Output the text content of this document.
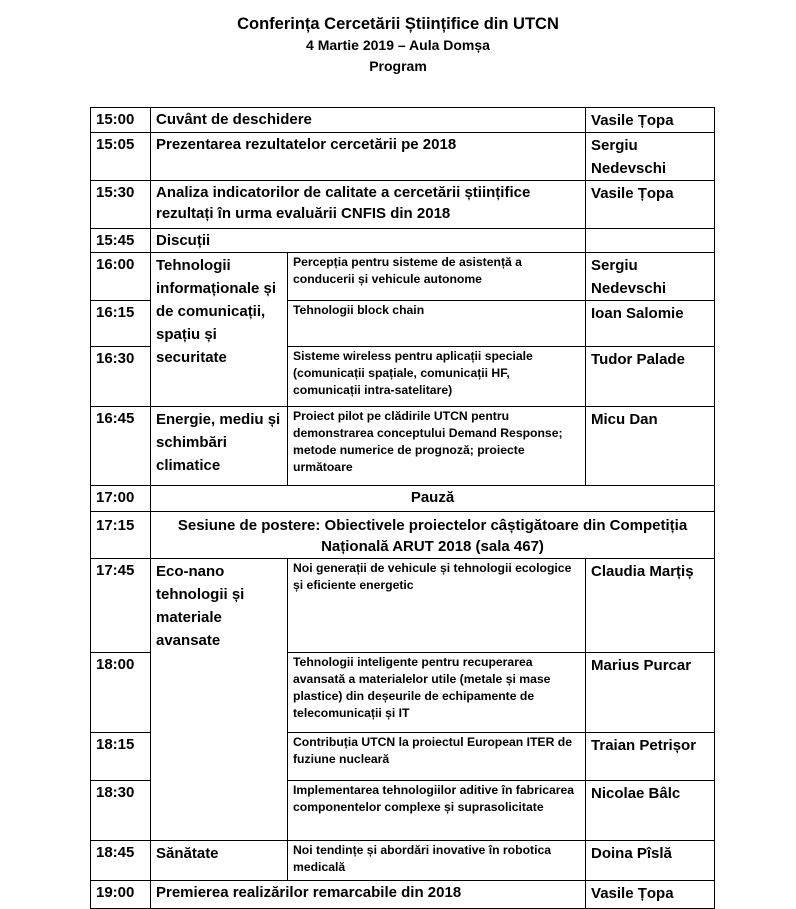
Conferința Cercetării Științifice din UTCN
4 Martie 2019 – Aula Domșa
Program
15:00	Cuvânt de deschidere		Vasile Țopa
15:05	Prezentarea rezultatelor cercetării pe 2018		Sergiu Nedevschi
15:30	Analiza indicatorilor de calitate a cercetării științifice rezultați în urma evaluării CNFIS din 2018		Vasile Țopa
15:45	Discuții		
16:00	Tehnologii informaționale și de comunicații, spațiu și securitate	Percepția pentru sisteme de asistență a conducerii și vehicule autonome	Sergiu Nedevschi
16:15		Tehnologii block chain	Ioan Salomie
16:30		Sisteme wireless pentru aplicații speciale (comunicații spațiale, comunicații HF, comunicații intra-satelitare)	Tudor Palade
16:45	Energie, mediu și schimbări climatice	Proiect pilot pe clădirile UTCN pentru demonstrarea conceptului Demand Response; metode numerice de prognoză; proiecte următoare	Micu Dan
17:00	Pauză		
17:15	Sesiune de postere: Obiectivele proiectelor câștigătoare din Competiția Națională ARUT 2018 (sala 467)		
17:45	Eco-nano tehnologii și materiale avansate	Noi generații de vehicule și tehnologii ecologice și eficiente energetic	Claudia Marțiș
18:00		Tehnologii inteligente pentru recuperarea avansată a materialelor utile (metale și mase plastice) din deșeurile de echipamente de telecomunicații și IT	Marius Purcar
18:15		Contribuția UTCN la proiectul European ITER de fuziune nucleară	Traian Petrișor
18:30		Implementarea tehnologiilor aditive în fabricarea componentelor complexe și suprasolicitate	Nicolae Bâlc
18:45	Sănătate	Noi tendințe și abordări inovative în robotica medicală	Doina Pîslă
19:00	Premierea realizărilor remarcabile din 2018		Vasile Țopa
